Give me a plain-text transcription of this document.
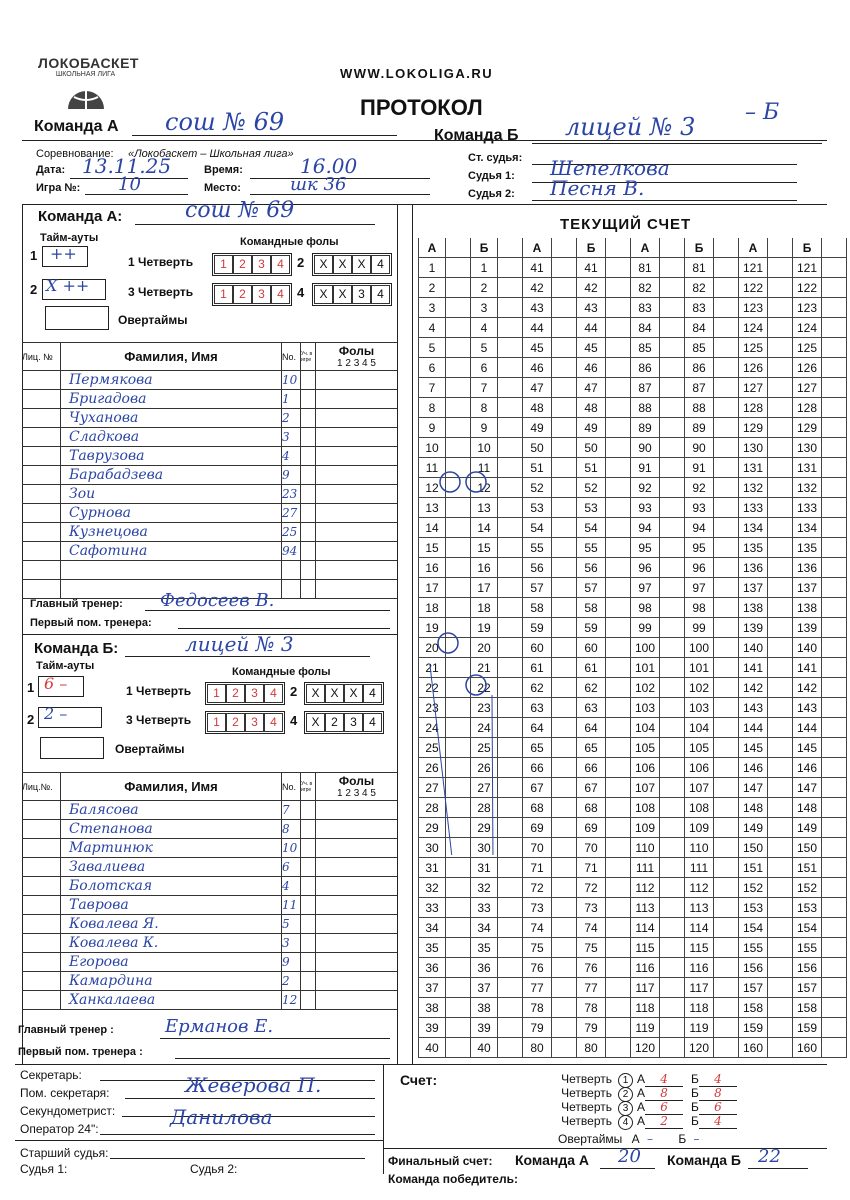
ЛОКОБАСКЕТ
ШКОЛЬНАЯ ЛИГА	WWW.LOKOLIGA.RU
ПРОТОКОЛ
Команда А сош № 69	Команда Б лицей № 3
– Б
Соревнование: «Локобаскет – Школьная лига»
Дата: 13.11.25	Время:	16.00
Игра №: 10	Место:	шк 36
Ст. судья:
Судья 1: Шепелкова
Судья 2: Песня В.
Команда А:	сош № 69
Тайм-ауты	Командные фолы
1 ++
2 X ++
1 Четверть	1 2 3 4	2	X X X 4
3 Четверть	1 2 3 4	4	X X 3 4
Овертаймы
Лиц. №	Фамилия, Имя	No.	Уч. в игре	Фолы
1 2 3 4 5
	Пермякова	10		
	Бригадова	1		
	Чуханова	2		
	Сладкова	3		
	Таврузова	4		
	Барабадзева	9		
	Зои	23		
	Сурнова	27		
	Кузнецова	25		
	Сафотина	94		

Главный тренер: Федосеев В.
Первый пом. тренера:
Команда Б:	лицей № 3
Тайм-ауты	Командные фолы
1 6 –
2 2 –
1 Четверть	1 2 3 4	2	X X X 4
3 Четверть	1 2 3 4	4	X 2 3 4
Овертаймы
Лиц.№.	Фамилия, Имя	No.	Уч. в игре	Фолы
1 2 3 4 5
	Балясова	7		
	Степанова	8		
	Мартинюк	10		
	Завалиева	6		
	Болотская	4		
	Таврова	11		
	Ковалева Я.	5		
	Ковалева К.	3		
	Егорова	9		
	Камардина	2		
	Ханкалаева	12		
Главный тренер :	Ерманов Е.
Первый пом. тренера :
ТЕКУЩИЙ СЧЕТ
А		Б		А		Б		А		Б		А		Б	
1		1		41		41		81		81		121		121	
2		2		42		42		82		82		122		122	
3		3		43		43		83		83		123		123	
4		4		44		44		84		84		124		124	
5		5		45		45		85		85		125		125	
6		6		46		46		86		86		126		126	
7		7		47		47		87		87		127		127	
8		8		48		48		88		88		128		128	
9		9		49		49		89		89		129		129	
10		10		50		50		90		90		130		130	
11		11		51		51		91		91		131		131	
12		12		52		52		92		92		132		132	
13		13		53		53		93		93		133		133	
14		14		54		54		94		94		134		134	
15		15		55		55		95		95		135		135	
16		16		56		56		96		96		136		136	
17		17		57		57		97		97		137		137	
18		18		58		58		98		98		138		138	
19		19		59		59		99		99		139		139	
20		20		60		60		100		100		140		140	
21		21		61		61		101		101		141		141	
22		22		62		62		102		102		142		142	
23		23		63		63		103		103		143		143	
24		24		64		64		104		104		144		144	
25		25		65		65		105		105		145		145	
26		26		66		66		106		106		146		146	
27		27		67		67		107		107		147		147	
28		28		68		68		108		108		148		148	
29		29		69		69		109		109		149		149	
30		30		70		70		110		110		150		150	
31		31		71		71		111		111		151		151	
32		32		72		72		112		112		152		152	
33		33		73		73		113		113		153		153	
34		34		74		74		114		114		154		154	
35		35		75		75		115		115		155		155	
36		36		76		76		116		116		156		156	
37		37		77		77		117		117		157		157	
38		38		78		78		118		118		158		158	
39		39		79		79		119		119		159		159	
40		40		80		80		120		120		160		160	
Секретарь:
Пом. секретаря:	Жеверова П.
Секундометрист:	Данилова
Оператор 24":
Старший судья:
Судья 1:	Судья 2:
Счет:	Четверть 1 А 4 Б 4
Четверть 2 А 8 Б 8
Четверть 3 А 6 Б 6
Четверть 4 А 2 Б 4
Овертаймы А – Б –
Финальный счет: Команда А 20 Команда Б 22
Команда победитель:
